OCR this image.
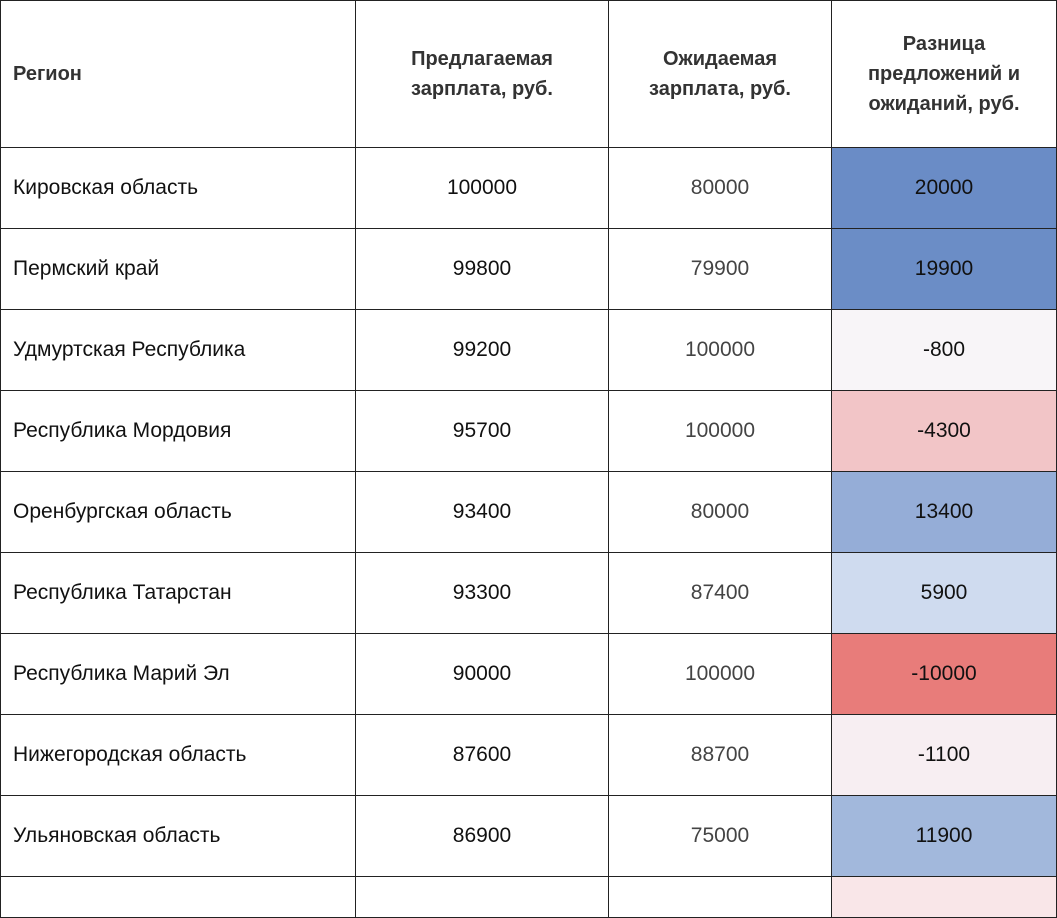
Регион	Предлагаемая зарплата, руб.	Ожидаемая зарплата, руб.	Разница предложений и ожиданий, руб.
Кировская область	100000	80000	20000
Пермский край	99800	79900	19900
Удмуртская Республика	99200	100000	-800
Республика Мордовия	95700	100000	-4300
Оренбургская область	93400	80000	13400
Республика Татарстан	93300	87400	5900
Республика Марий Эл	90000	100000	-10000
Нижегородская область	87600	88700	-1100
Ульяновская область	86900	75000	11900
